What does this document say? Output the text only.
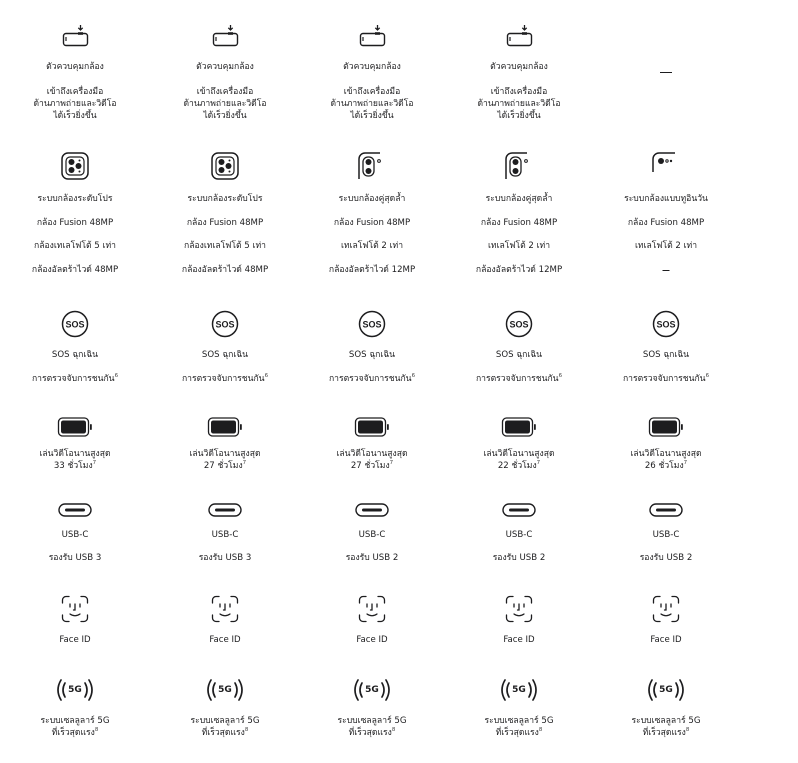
ตัวควบคุมกล้อง
เข้าถึงเครื่องมือ
ด้านภาพถ่ายและวิดีโอ
ได้เร็วยิ่งขึ้น
ระบบกล้องระดับโปร
กล้อง Fusion 48MP
กล้องเทเลโฟโต้ 5 เท่า
กล้องอัลตร้าไวด์ 48MP
SOS
SOS ฉุกเฉิน
การตรวจจับการชนกัน$^6$
เล่นวิดีโอนานสูงสุด
33 ชั่วโมง$^7$
USB-C
รองรับ USB 3
Face ID
5G
ระบบเซลลูลาร์ 5G
ที่เร็วสุดแรง$^8$
ตัวควบคุมกล้อง
เข้าถึงเครื่องมือ
ด้านภาพถ่ายและวิดีโอ
ได้เร็วยิ่งขึ้น
ระบบกล้องระดับโปร
กล้อง Fusion 48MP
กล้องเทเลโฟโต้ 5 เท่า
กล้องอัลตร้าไวด์ 48MP
SOS
SOS ฉุกเฉิน
การตรวจจับการชนกัน$^6$
เล่นวิดีโอนานสูงสุด
27 ชั่วโมง$^7$
USB-C
รองรับ USB 3
Face ID
5G
ระบบเซลลูลาร์ 5G
ที่เร็วสุดแรง$^8$
ตัวควบคุมกล้อง
เข้าถึงเครื่องมือ
ด้านภาพถ่ายและวิดีโอ
ได้เร็วยิ่งขึ้น
ระบบกล้องคู่สุดล้ำ
กล้อง Fusion 48MP
เทเลโฟโต้ 2 เท่า
กล้องอัลตร้าไวด์ 12MP
SOS
SOS ฉุกเฉิน
การตรวจจับการชนกัน$^6$
เล่นวิดีโอนานสูงสุด
27 ชั่วโมง$^7$
USB-C
รองรับ USB 2
Face ID
5G
ระบบเซลลูลาร์ 5G
ที่เร็วสุดแรง$^8$
ตัวควบคุมกล้อง
เข้าถึงเครื่องมือ
ด้านภาพถ่ายและวิดีโอ
ได้เร็วยิ่งขึ้น
ระบบกล้องคู่สุดล้ำ
กล้อง Fusion 48MP
เทเลโฟโต้ 2 เท่า
กล้องอัลตร้าไวด์ 12MP
SOS
SOS ฉุกเฉิน
การตรวจจับการชนกัน$^6$
เล่นวิดีโอนานสูงสุด
22 ชั่วโมง$^7$
USB-C
รองรับ USB 2
Face ID
5G
ระบบเซลลูลาร์ 5G
ที่เร็วสุดแรง$^8$
ระบบกล้องแบบทูอินวัน
กล้อง Fusion 48MP
เทเลโฟโต้ 2 เท่า
SOS
SOS ฉุกเฉิน
การตรวจจับการชนกัน$^6$
เล่นวิดีโอนานสูงสุด
26 ชั่วโมง$^7$
USB-C
รองรับ USB 2
Face ID
5G
ระบบเซลลูลาร์ 5G
ที่เร็วสุดแรง$^8$
